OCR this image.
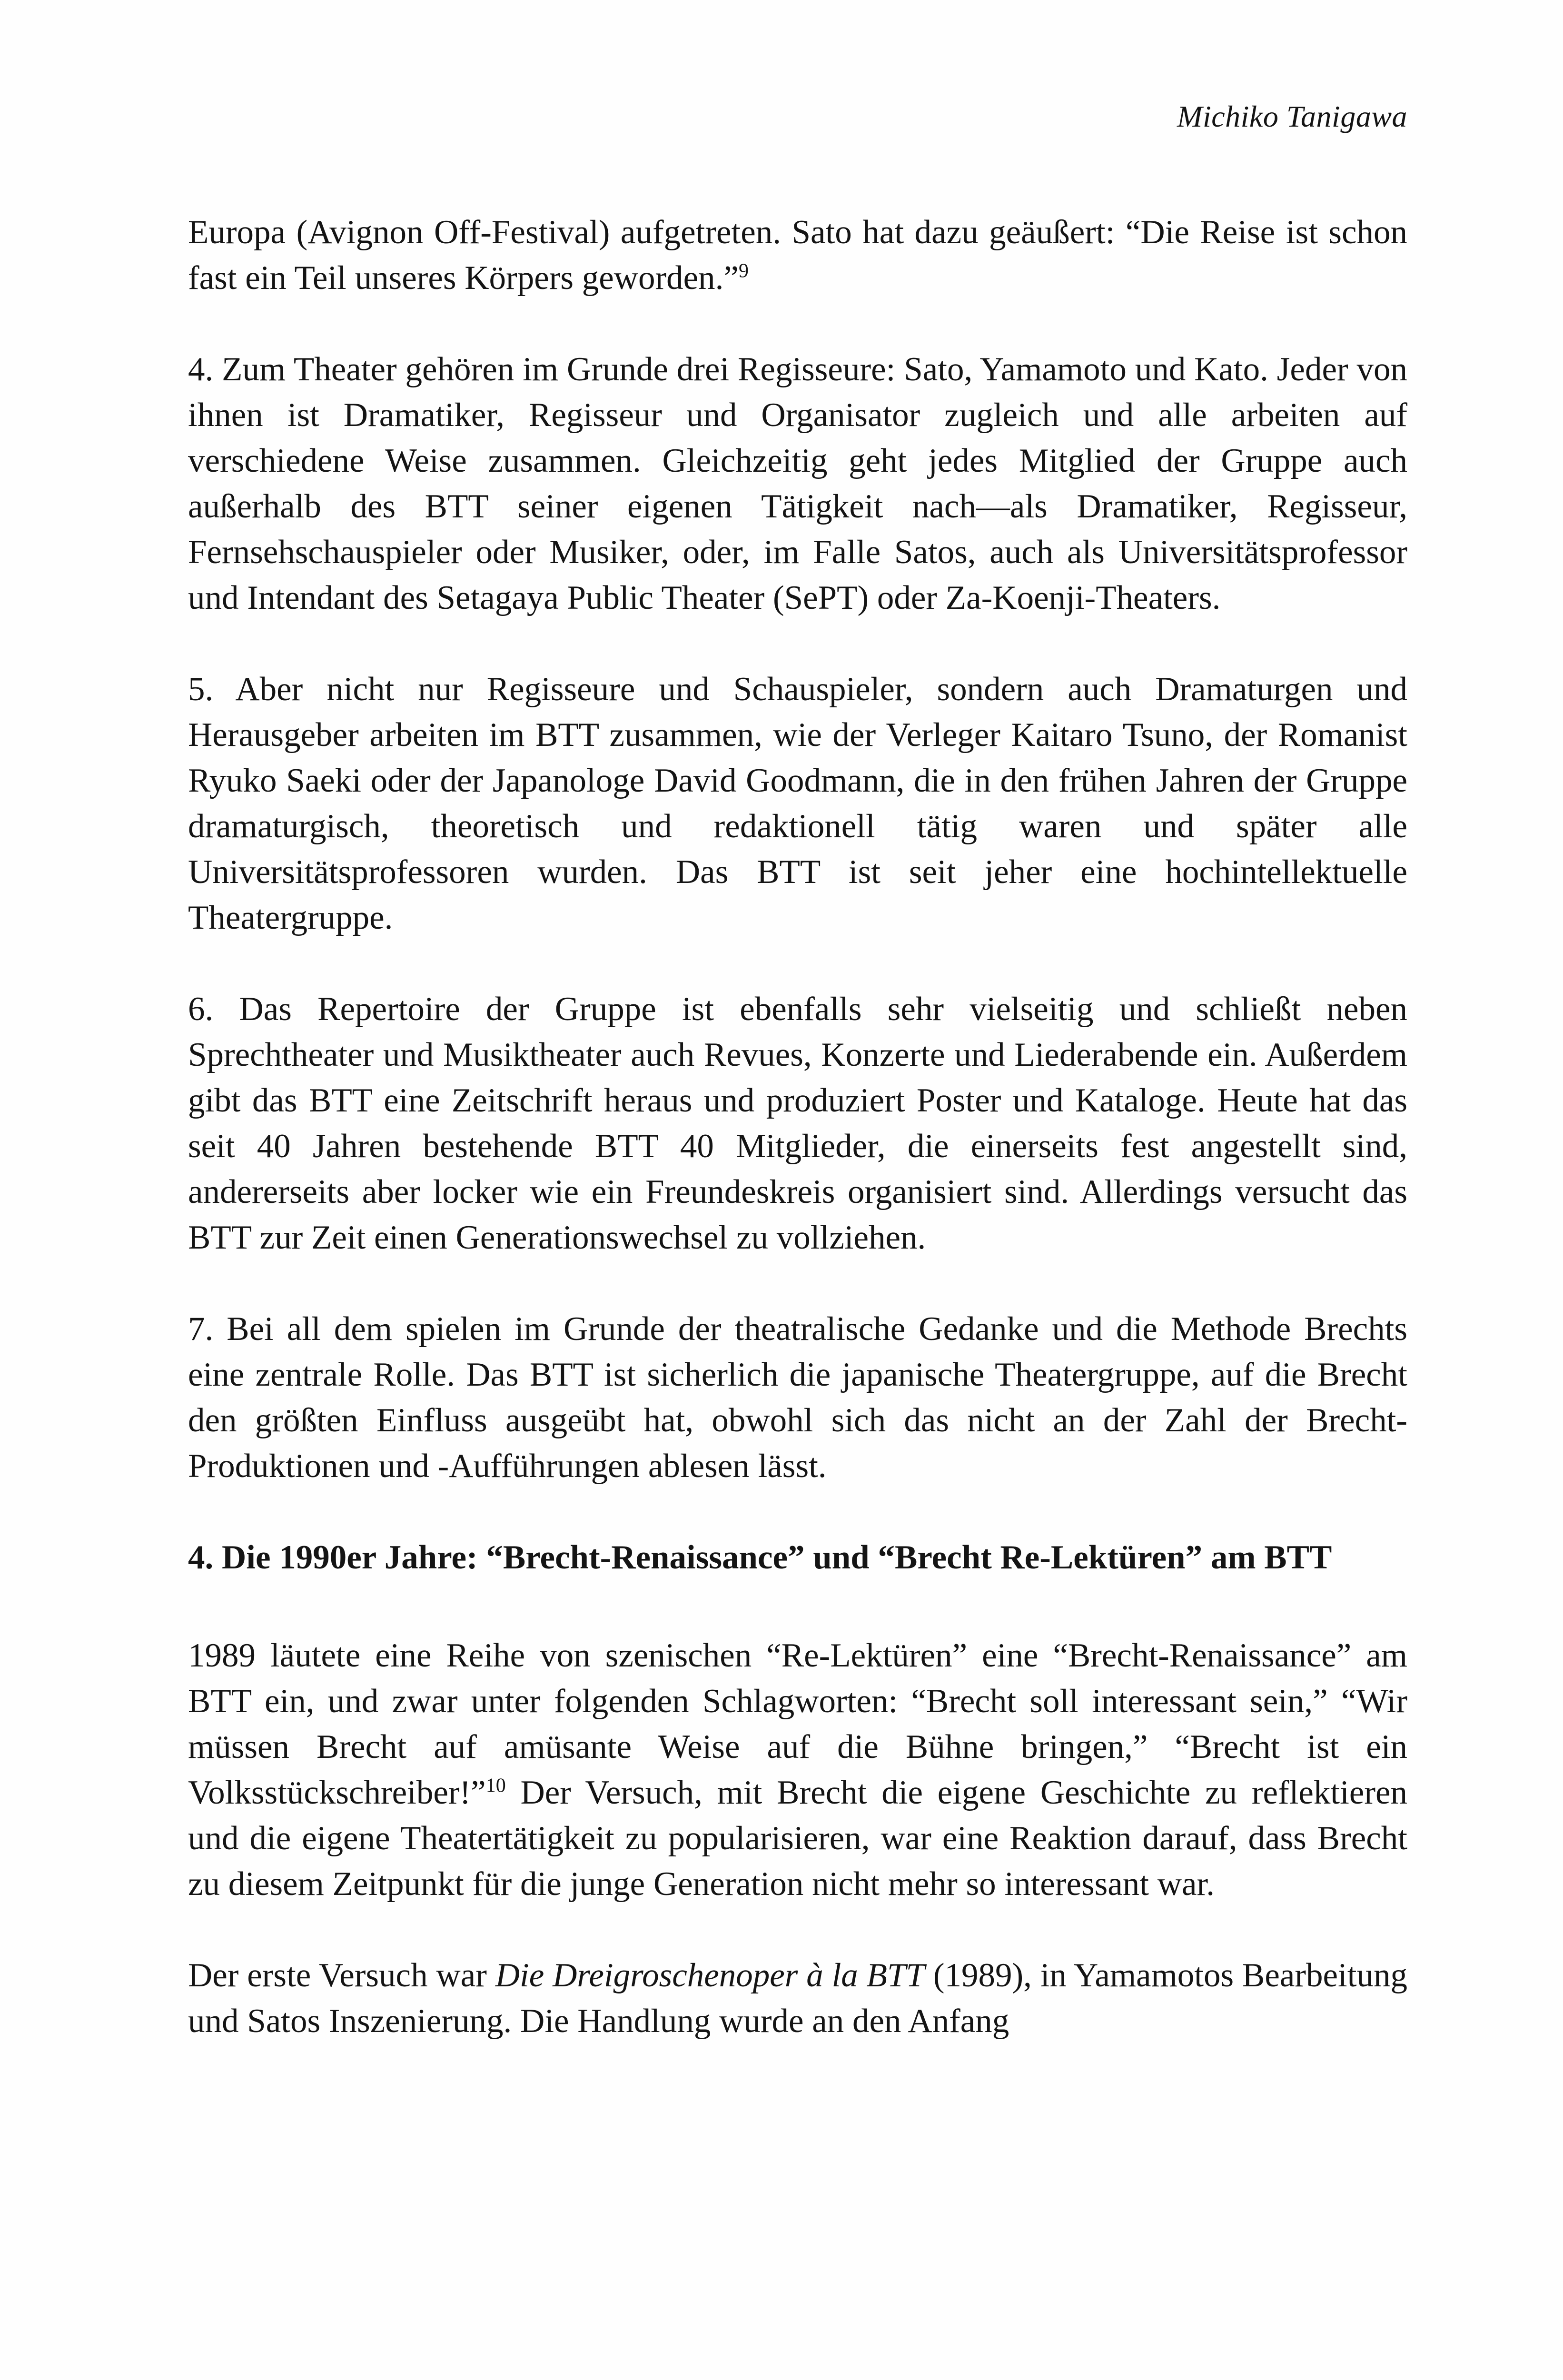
Michiko Tanigawa

Europa (Avignon Off-Festival) aufgetreten. Sato hat dazu geäußert: “Die Reise ist schon fast ein Teil unseres Körpers geworden.”$^9$

4. Zum Theater gehören im Grunde drei Regisseure: Sato, Yamamoto und Kato. Jeder von ihnen ist Dramatiker, Regisseur und Organisator zugleich und alle arbeiten auf verschiedene Weise zusammen. Gleichzeitig geht jedes Mitglied der Gruppe auch außerhalb des BTT seiner eigenen Tätigkeit nach—als Dramatiker, Regisseur, Fernsehschauspieler oder Musiker, oder, im Falle Satos, auch als Universitätsprofessor und Intendant des Setagaya Public Theater (SePT) oder Za-Koenji-Theaters.

5. Aber nicht nur Regisseure und Schauspieler, sondern auch Dramaturgen und Herausgeber arbeiten im BTT zusammen, wie der Verleger Kaitaro Tsuno, der Romanist Ryuko Saeki oder der Japanologe David Goodmann, die in den frühen Jahren der Gruppe dramaturgisch, theoretisch und redaktionell tätig waren und später alle Universitätsprofessoren wurden. Das BTT ist seit jeher eine hochintellektuelle Theatergruppe.

6. Das Repertoire der Gruppe ist ebenfalls sehr vielseitig und schließt neben Sprechtheater und Musiktheater auch Revues, Konzerte und Liederabende ein. Außerdem gibt das BTT eine Zeitschrift heraus und produziert Poster und Kataloge. Heute hat das seit 40 Jahren bestehende BTT 40 Mitglieder, die einerseits fest angestellt sind, andererseits aber locker wie ein Freundeskreis organisiert sind. Allerdings versucht das BTT zur Zeit einen Generationswechsel zu vollziehen.

7. Bei all dem spielen im Grunde der theatralische Gedanke und die Methode Brechts eine zentrale Rolle. Das BTT ist sicherlich die japanische Theatergruppe, auf die Brecht den größten Einfluss ausgeübt hat, obwohl sich das nicht an der Zahl der Brecht-Produktionen und -Aufführungen ablesen lässt.

4. Die 1990er Jahre: “Brecht-Renaissance” und “Brecht Re-Lektüren” am BTT

1989 läutete eine Reihe von szenischen “Re-Lektüren” eine “Brecht-Renaissance” am BTT ein, und zwar unter folgenden Schlagworten: “Brecht soll interessant sein,” “Wir müssen Brecht auf amüsante Weise auf die Bühne bringen,” “Brecht ist ein Volksstückschreiber!”$^{10}$ Der Versuch, mit Brecht die eigene Geschichte zu reflektieren und die eigene Theatertätigkeit zu popularisieren, war eine Reaktion darauf, dass Brecht zu diesem Zeitpunkt für die junge Generation nicht mehr so interessant war.

Der erste Versuch war Die Dreigroschenoper à la BTT (1989), in Yamamotos Bearbeitung und Satos Inszenierung. Die Handlung wurde an den Anfang
